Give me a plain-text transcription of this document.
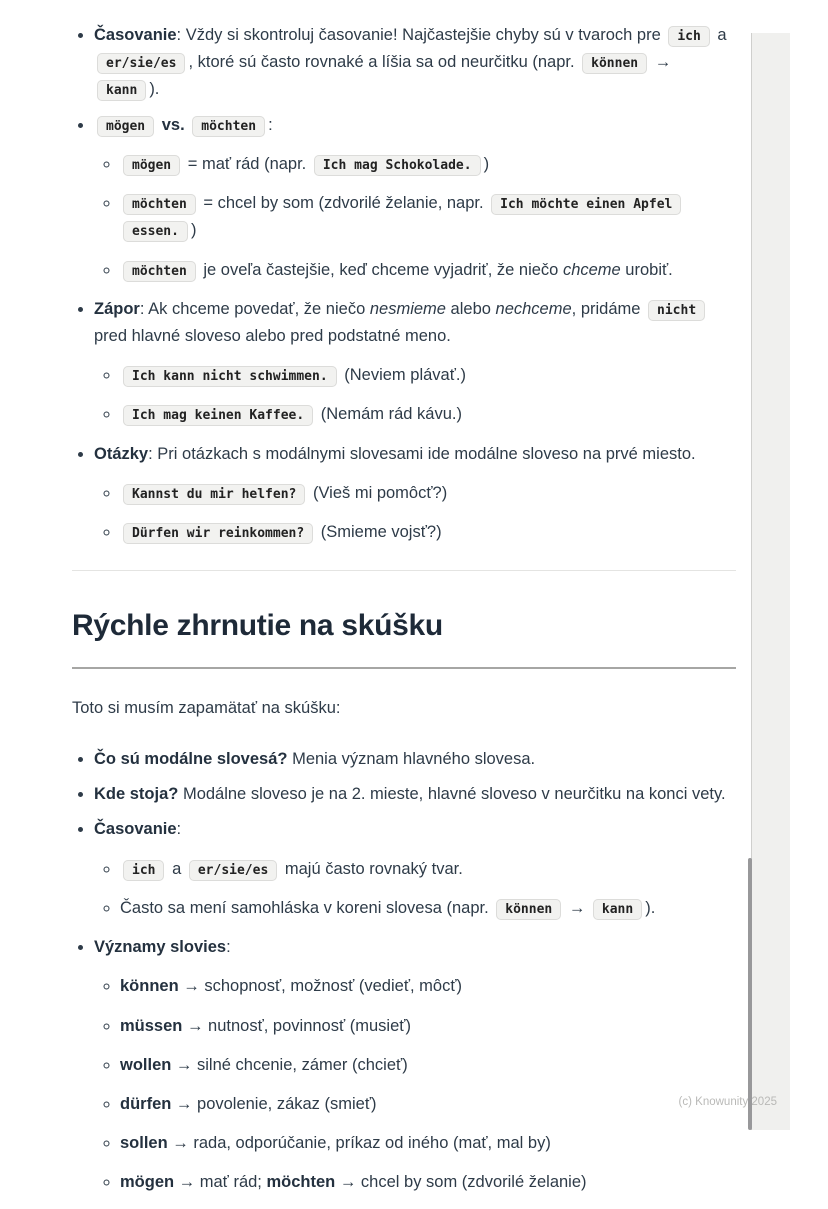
• Časovanie: Vždy si skontroluj časovanie! Najčastejšie chyby sú v tvaroch pre ich a er/sie/es , ktoré sú často rovnaké a líšia sa od neurčitku (napr. können → kann ).
• mögen vs. möchten :
◦ mögen = mať rád (napr. Ich mag Schokolade. )
◦ möchten = chcel by som (zdvorilé želanie, napr. Ich möchte einen Apfel essen. )
◦ möchten je oveľa častejšie, keď chceme vyjadriť, že niečo chceme urobiť.
• Zápor: Ak chceme povedať, že niečo nesmieme alebo nechceme, pridáme nicht pred hlavné sloveso alebo pred podstatné meno.
◦ Ich kann nicht schwimmen. (Neviem plávať.)
◦ Ich mag keinen Kaffee. (Nemám rád kávu.)
• Otázky: Pri otázkach s modálnymi slovesami ide modálne sloveso na prvé miesto.
◦ Kannst du mir helfen? (Vieš mi pomôcť?)
◦ Dürfen wir reinkommen? (Smieme vojsť?)
Rýchle zhrnutie na skúšku

Toto si musím zapamätať na skúšku:

• Čo sú modálne slovesá? Menia význam hlavného slovesa.
• Kde stoja? Modálne sloveso je na 2. mieste, hlavné sloveso v neurčitku na konci vety.
• Časovanie:
◦ ich a er/sie/es majú často rovnaký tvar.
◦ Často sa mení samohláska v koreni slovesa (napr. können → kann ).
• Významy slovies:
◦ können → schopnosť, možnosť (vedieť, môcť)
◦ müssen → nutnosť, povinnosť (musieť)
◦ wollen → silné chcenie, zámer (chcieť)
◦ dürfen → povolenie, zákaz (smieť)
◦ sollen → rada, odporúčanie, príkaz od iného (mať, mal by)
◦ mögen → mať rád; möchten → chcel by som (zdvorilé želanie)
(c) Knowunity 2025
